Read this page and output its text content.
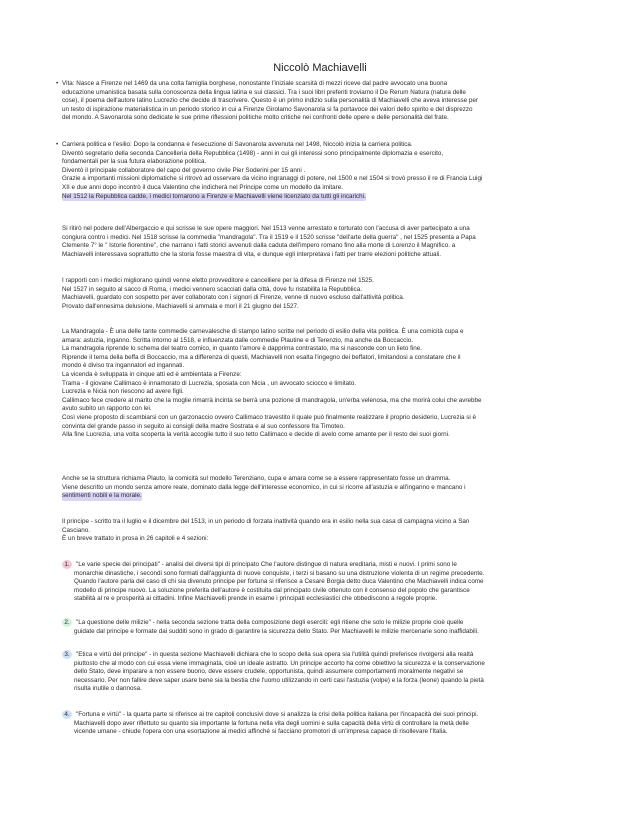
Niccolò Machiavelli
• Vita: Nasce a Firenze nel 1469 da una colta famiglia borghese, nonostante l'iniziale scarsità di mezzi riceve dal padre avvocato una buona
educazione umanistica basata sulla conoscenza della lingua latina e sui classici. Tra i suoi libri preferiti troviamo il De Rerum Natura (natura delle
cose), il poema dell'autore latino Lucrezio che decide di trascrivere. Questo è un primo indizio sulla personalità di Machiavelli che aveva interesse per
un testo di ispirazione materialistica in un periodo storico in cui a Firenze Girolamo Savonarola si fa portavoce dei valori dello spirito e del disprezzo
del mondo. A Savonarola sono dedicate le sue prime riflessioni politiche molto critiche nei confronti delle opere e delle personalità del frate.
• Carriera politica e l'esilio: Dopo la condanna e l'esecuzione di Savonarola avvenuta nel 1498, Niccolò inizia la carriera politica.
Diventò segretario della seconda Cancelleria della Repubblica (1498) - anni in cui gli interessi sono principalmente diplomazia e esercito,
fondamentali per la sua futura elaborazione politica.
Diventò il principale collaboratore del capo del governo civile Pier Soderini per 15 anni .
Grazie a importanti missioni diplomatiche si ritrovò ad osservare da vicino ingranaggi di potere, nel 1500 e nel 1504 si trovò presso il re di Francia Luigi
XII e due anni dopo incontrò il duca Valentino che indicherà nel Principe come un modello da imitare.
Nel 1512 la Repubblica cadde, i medici tornarono a Firenze e Machiavelli viene licenziato da tutti gli incarichi.
Si ritirò nel podere dell'Albergaccio e qui scrisse le sue opere maggiori. Nel 1513 venne arrestato e torturato con l'accusa di aver partecipato a una
congiura contro i medici. Nel 1518 scrisse la commedia "mandragola". Tra il 1519 e il 1520 scrisse "dell'arte della guerra" , nel 1525 presenta a Papa
Clemente 7° le " Istorie fiorentine", che narrano i fatti storici avvenuti dalla caduta dell'impero romano fino alla morte di Lorenzo il Magnifico. a
Machiavelli interessava soprattutto che la storia fosse maestra di vita, e dunque egli interpretava i fatti per trarre elezioni politiche attuali.
I rapporti con i medici migliorano quindi venne eletto provveditore e cancelliere per la difesa di Firenze nel 1525.
Nel 1527 in seguito al sacco di Roma, i medici vennero scacciati dalla città, dove fu ristabilita la Repubblica.
Machiavelli, guardato con sospetto per aver collaborato con i signori di Firenze, venne di nuovo escluso dall'attività politica.
Provato dall'ennesima delusione, Machiavelli si ammala e morì il 21 giugno del 1527.
La Mandragola - È una delle tante commedie carnevalesche di stampo latino scritte nel periodo di esilio della vita politica. È una comicità cupa e
amara: astuzia, inganno. Scritta intorno al 1518, e influenzata dalle commedie Plautine e di Terenzio, ma anche da Boccaccio.
La mandragola riprende lo schema del teatro comico, in quanto l'amore è dapprima contrastato, ma si nasconde con un lieto fine.
Riprende il tema della beffa di Boccaccio, ma a differenza di questi, Machiavelli non esalta l'ingegno dei beffatori, limitandosi a constatare che il
mondo è diviso tra ingannatori ed ingannati.
La vicenda è sviluppata in cinque atti ed è ambientata a Firenze:
Trama - il giovane Callimaco è innamorato di Lucrezia, sposata con Nicia , un avvocato sciocco e limitato.
Lucrezia e Nicia non riescono ad avere figli.
Callimaco fece credere al marito che la moglie rimarrà incinta se berrà una pozione di mandragola, un'erba velenosa, ma che morirà colui che avrebbe
avuto subito un rapporto con lei.
Così viene proposto di scambiarsi con un garzonaccio ovvero Callimaco travestito il quale può finalmente realizzare il proprio desiderio, Lucrezia si è
convinta del grande passo in seguito ai consigli della madre Sostrata e al suo confessore fra Timoteo.
Alla fine Lucrezia, una volta scoperta la verità accoglie tutto il suo tetto Callimaco e decide di avelo come amante per il resto dei suoi giorni.
Anche se la struttura richiama Plauto, la comicità sul modello Terenziano, cupa e amara come se a essere rappresentato fosse un dramma.
Viene descritto un mondo senza amore reale, dominato dalla legge dell'interesse economico, in cui si ricorre all'astuzia e all'inganno e mancano i
sentimenti nobili e la morale.
Il principe - scritto tra il luglio e il dicembre del 1513, in un periodo di forzata inattività quando era in esilio nella sua casa di campagna vicino a San
Casciano.
È un breve trattato in prosa in 26 capitoli e 4 sezioni:
1. "Le varie specie dei principati" - analisi dei diversi tipi di principato Che l'autore distingue di natura ereditaria, misti e nuovi. I primi sono le
monarchie dinastiche, i secondi sono formati dall'aggiunta di nuove conquiste, i terzi si basano su una distruzione violenta di un regime precedente.
Quando l'autore parla del caso di chi sia divenuto principe per fortuna si riferisce a Cesare Borgia detto duca Valentino che Machiavelli indica come
modello di principe nuovo. La soluzione preferita dell'autore è costituita dal principato civile ottenuto con il consenso del popolo che garantisce
stabilità al re e prosperità ai cittadini. Infine Machiavelli prende in esame i principati ecclesiastici che obbediscono a regole proprie.
2. "La questione delle milizie" - nella seconda sezione tratta della composizione degli eserciti: egli ritiene che solo le milizie proprie cioè quelle
guidate dal principe e formate dai sudditi sono in grado di garantire la sicurezza dello Stato. Per Machiavelli le milizie mercenarie sono inaffidabili.
3. "Etica e virtù del principe" - in questa sezione Machiavelli dichiara che lo scopo della sua opera sia l'utilità quindi preferisce rivolgersi alla realtà
piuttosto che al modo con cui essa viene immaginata, cioè un ideale astratto. Un principe accorto ha come obiettivo la sicurezza e la conservazione
dello Stato, deve imparare a non essere buono, deve essere crudele, opportunista, quindi assumere comportamenti moralmente negativi se
necessario. Per non fallire deve saper usare bene sia la bestia che l'uomo utilizzando in certi casi l'astuzia (volpe) e la forza (leone) quando la pietà
risulta inutile o dannosa.
4. "Fortuna e virtù" - la quarta parte si riferisce ai tre capitoli conclusivi dove si analizza la crisi della politica italiana per l'incapacità dei suoi principi.
Machiavelli dopo aver riflettuto su quanto sia importante la fortuna nella vita degli uomini e sulla capacità della virtù di controllare la metà delle
vicende umane - chiude l'opera con una esortazione ai medici affinché si facciano promotori di un'impresa capace di risollevare l'Italia.
